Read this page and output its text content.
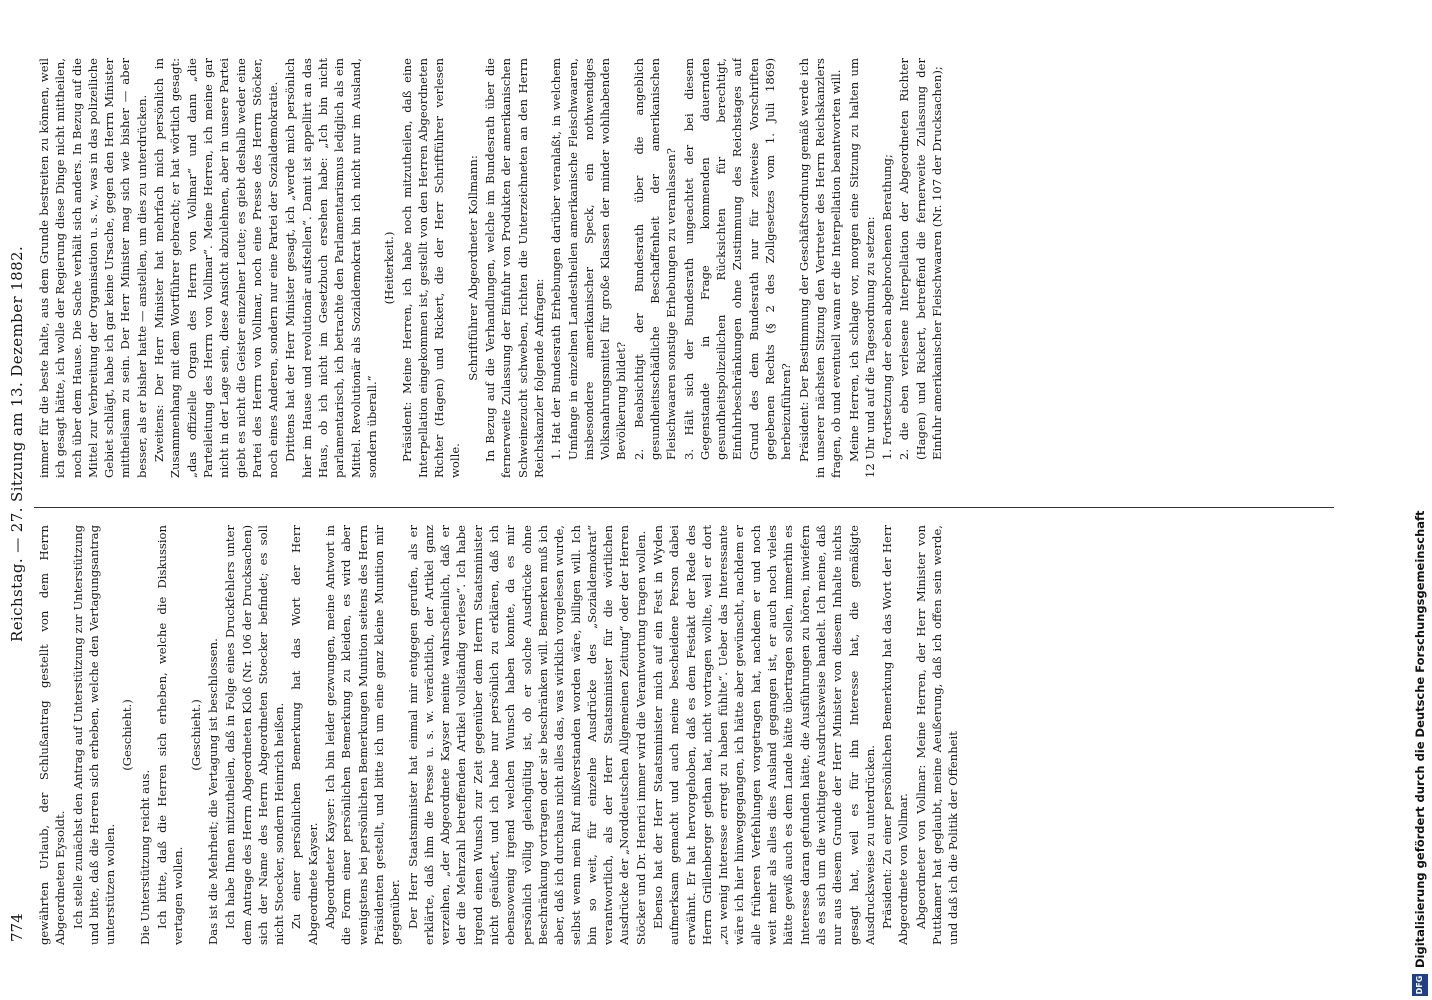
774
Reichstag. — 27. Sitzung am 13. Dezember 1882.

gewährten Urlaub, der Schlußantrag gestellt von dem Herrn Abgeordneten Eysoldt. Ich stelle zunächst den Antrag auf Unterstützung zur Unterstützung und bitte, daß die Herren sich erheben, welche den Vertagungsantrag unterstützen wollen.

(Geschieht.)

Die Unterstützung reicht aus. Ich bitte, daß die Herren sich erheben, welche die Diskussion vertagen wollen.

(Geschieht.) Das ist die Mehrheit; die Vertagung ist beschlossen. Ich habe Ihnen mitzutheilen, daß in Folge eines Druckfehlers unter dem Antrage des Herrn Abgeordneten Kloß (Nr. 106 der Drucksachen) sich der Name des Herrn Abgeordneten Stoecker befindet; es soll nicht Stoecker, sondern Heinrich heißen. Zu einer persönlichen Bemerkung hat das Wort der Herr Abgeordnete Kayser. Abgeordneter Kayser: Ich bin leider gezwungen, meine Antwort in die Form einer persönlichen Bemerkung zu kleiden, es wird aber wenigstens bei persönlichen Bemerkungen Munition seitens des Herrn Präsidenten gestellt, und bitte ich um eine ganz kleine Munition mir gegenüber. Der Herr Staatsminister hat einmal mir entgegen gerufen, als er erklärte, daß ihm die Presse u. s. w. verächtlich, der Artikel ganz verzeihen, „der Abgeordnete Kayser meinte wahrscheinlich, daß er der die Mehrzahl betreffenden Artikel vollständig verlese“. Ich habe irgend einen Wunsch zur Zeit gegenüber dem Herrn Staatsminister nicht geäußert, und ich habe nur persönlich zu erklären, daß ich ebensowenig irgend welchen Wunsch haben konnte, da es mir persönlich völlig gleichgültig ist, ob er solche Ausdrücke ohne Beschränkung vortragen oder sie beschränken will. Bemerken muß ich aber, daß ich durchaus nicht alles das, was wirklich vorgelesen wurde, selbst wenn mein Ruf mißverstanden worden wäre, billigen will. Ich bin so weit, für einzelne Ausdrücke des „Sozialdemokrat“ verantwortlich, als der Herr Staatsminister für die wörtlichen Ausdrücke der „Norddeutschen Allgemeinen Zeitung“ oder der Herren Stöcker und Dr. Henrici immer wird die Verantwortung tragen wollen. Ebenso hat der Herr Staatsminister mich auf ein Fest in Wyden aufmerksam gemacht und auch meine bescheidene Person dabei erwähnt. Er hat hervorgehoben, daß es dem Festakt der Rede des Herrn Grillenberger gethan hat, nicht vortragen wollte, weil er dort „zu wenig Interesse erregt zu haben fühlte“. Ueber das Interessante wäre ich hier hinweggegangen, ich hätte aber gewünscht, nachdem er alle früheren Verfehlungen vorgetragen hat, nachdem er und noch weit mehr als alles dies Ausland gegangen ist, er auch noch vieles hätte gewiß auch es dem Lande hätte übertragen sollen, immerhin es Interesse daran gefunden hätte, die Ausführungen zu hören, inwiefern als es sich um die wichtigere Ausdrucksweise handelt. Ich meine, daß nur aus diesem Grunde der Herr Minister von diesem Inhalte nichts gesagt hat, weil es für ihn Interesse hat, die gemäßigte Ausdrucksweise zu unterdrücken. Präsident: Zu einer persönlichen Bemerkung hat das Wort der Herr Abgeordnete von Vollmar. Abgeordneter von Vollmar: Meine Herren, der Herr Minister von Puttkamer hat geglaubt, meine Aeußerung, daß ich offen sein werde, und daß ich die Politik der Offenheit

immer für die beste halte, aus dem Grunde bestreiten zu können, weil ich gesagt hätte, ich wolle der Regierung diese Dinge nicht mittheilen, noch über dem Hause. Die Sache verhält sich anders. In Bezug auf die Mittel zur Verbreitung der Organisation u. s. w., was in das polizeiliche Gebiet schlägt, habe ich gar keine Ursache, gegen den Herrn Minister mittheilsam zu sein. Der Herr Minister mag sich wie bisher — aber besser, als er bisher hatte — anstellen, um dies zu unterdrücken. Zweitens: Der Herr Minister hat mehrfach mich persönlich in Zusammenhang mit dem Wortführer gebracht; er hat wörtlich gesagt: „das offizielle Organ des Herrn von Vollmar“ und dann „die Parteileitung des Herrn von Vollmar“. Meine Herren, ich meine gar nicht in der Lage sein, diese Ansicht abzulehnen, aber in unsere Partei giebt es nicht die Geister einzelner Leute; es giebt deshalb weder eine Partei des Herrn von Vollmar, noch eine Presse des Herrn Stöcker, noch eines Anderen, sondern nur eine Partei der Sozialdemokratie. Drittens hat der Herr Minister gesagt, ich „werde mich persönlich hier im Hause und revolutionär aufstellen“. Damit ist appellirt an das Haus, ob ich nicht im Gesetzbuch ersehen habe: „Ich bin nicht parlamentarisch, ich betrachte den Parlamentarismus lediglich als ein Mittel. Revolutionär als Sozialdemokrat bin ich nicht nur im Ausland, sondern überall.“

(Heiterkeit.) Präsident: Meine Herren, ich habe noch mitzutheilen, daß eine Interpellation eingekommen ist, gestellt von den Herren Abgeordneten Richter (Hagen) und Rickert, die der Herr Schriftführer verlesen wolle.

Schriftführer Abgeordneter Kollmann: In Bezug auf die Verhandlungen, welche im Bundesrath über die fernerweite Zulassung der Einfuhr von Produkten der amerikanischen Schweinezucht schweben, richten die Unterzeichneten an den Herrn Reichskanzler folgende Anfragen: 1. Hat der Bundesrath Erhebungen darüber veranlaßt, in welchem Umfange in einzelnen Landestheilen amerikanische Fleischwaaren, insbesondere amerikanischer Speck, ein nothwendiges Volksnahrungsmittel für große Klassen der minder wohlhabenden Bevölkerung bildet? 2. Beabsichtigt der Bundesrath über die angeblich gesundheitsschädliche Beschaffenheit der amerikanischen Fleischwaaren sonstige Erhebungen zu veranlassen? 3. Hält sich der Bundesrath ungeachtet der bei diesem Gegenstande in Frage kommenden dauernden gesundheitspolizeilichen Rücksichten für berechtigt, Einfuhrbeschränkungen ohne Zustimmung des Reichstages auf Grund des dem Bundesrath nur für zeitweise Vorschriften gegebenen Rechts (§ 2 des Zollgesetzes vom 1. Juli 1869) herbeizuführen? Präsident: Der Bestimmung der Geschäftsordnung gemäß werde ich in unserer nächsten Sitzung den Vertreter des Herrn Reichskanzlers fragen, ob und eventuell wann er die Interpellation beantworten will. Meine Herren, ich schlage vor, morgen eine Sitzung zu halten um 12 Uhr und auf die Tagesordnung zu setzen: 1. Fortsetzung der eben abgebrochenen Berathung; 2. die eben verlesene Interpellation der Abgeordneten Richter (Hagen) und Rickert, betreffend die fernerweite Zulassung der Einfuhr amerikanischer Fleischwaaren (Nr. 107 der Drucksachen);

DFG
Digitalisierung gefördert durch die Deutsche Forschungsgemeinschaft
